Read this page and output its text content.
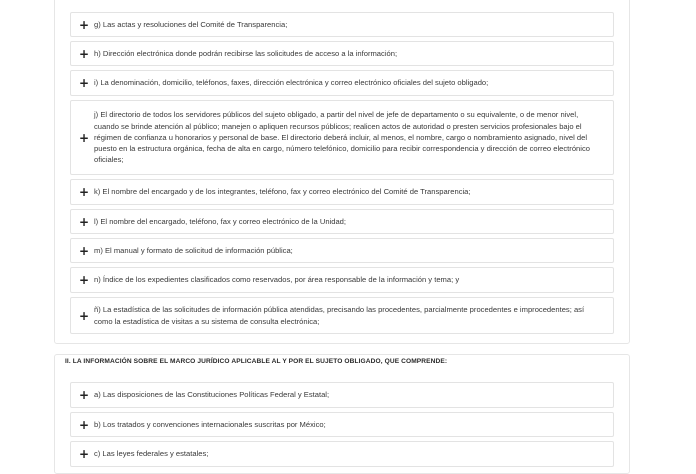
+ g) Las actas y resoluciones del Comité de Transparencia;
+ h) Dirección electrónica donde podrán recibirse las solicitudes de acceso a la información;
+ i) La denominación, domicilio, teléfonos, faxes, dirección electrónica y correo electrónico oficiales del sujeto obligado;
+
j) El directorio de todos los servidores públicos del sujeto obligado, a partir del nivel de jefe de departamento o su equivalente, o de menor nivel, cuando se brinde atención al público; manejen o apliquen recursos públicos; realicen actos de autoridad o presten servicios profesionales bajo el régimen de confianza u honorarios y personal de base. El directorio deberá incluir, al menos, el nombre, cargo o nombramiento asignado, nivel del puesto en la estructura orgánica, fecha de alta en cargo, número telefónico, domicilio para recibir correspondencia y dirección de correo electrónico oficiales;
+ k) El nombre del encargado y de los integrantes, teléfono, fax y correo electrónico del Comité de Transparencia;
+ l) El nombre del encargado, teléfono, fax y correo electrónico de la Unidad;
+ m) El manual y formato de solicitud de información pública;
+ n) Índice de los expedientes clasificados como reservados, por área responsable de la información y tema; y
+ ñ) La estadística de las solicitudes de información pública atendidas, precisando las procedentes, parcialmente procedentes e improcedentes; así como la estadística de visitas a su sistema de consulta electrónica;
II. LA INFORMACIÓN SOBRE EL MARCO JURÍDICO APLICABLE AL Y POR EL SUJETO OBLIGADO, QUE COMPRENDE:
+ a) Las disposiciones de las Constituciones Políticas Federal y Estatal;
+ b) Los tratados y convenciones internacionales suscritas por México;
+ c) Las leyes federales y estatales;
